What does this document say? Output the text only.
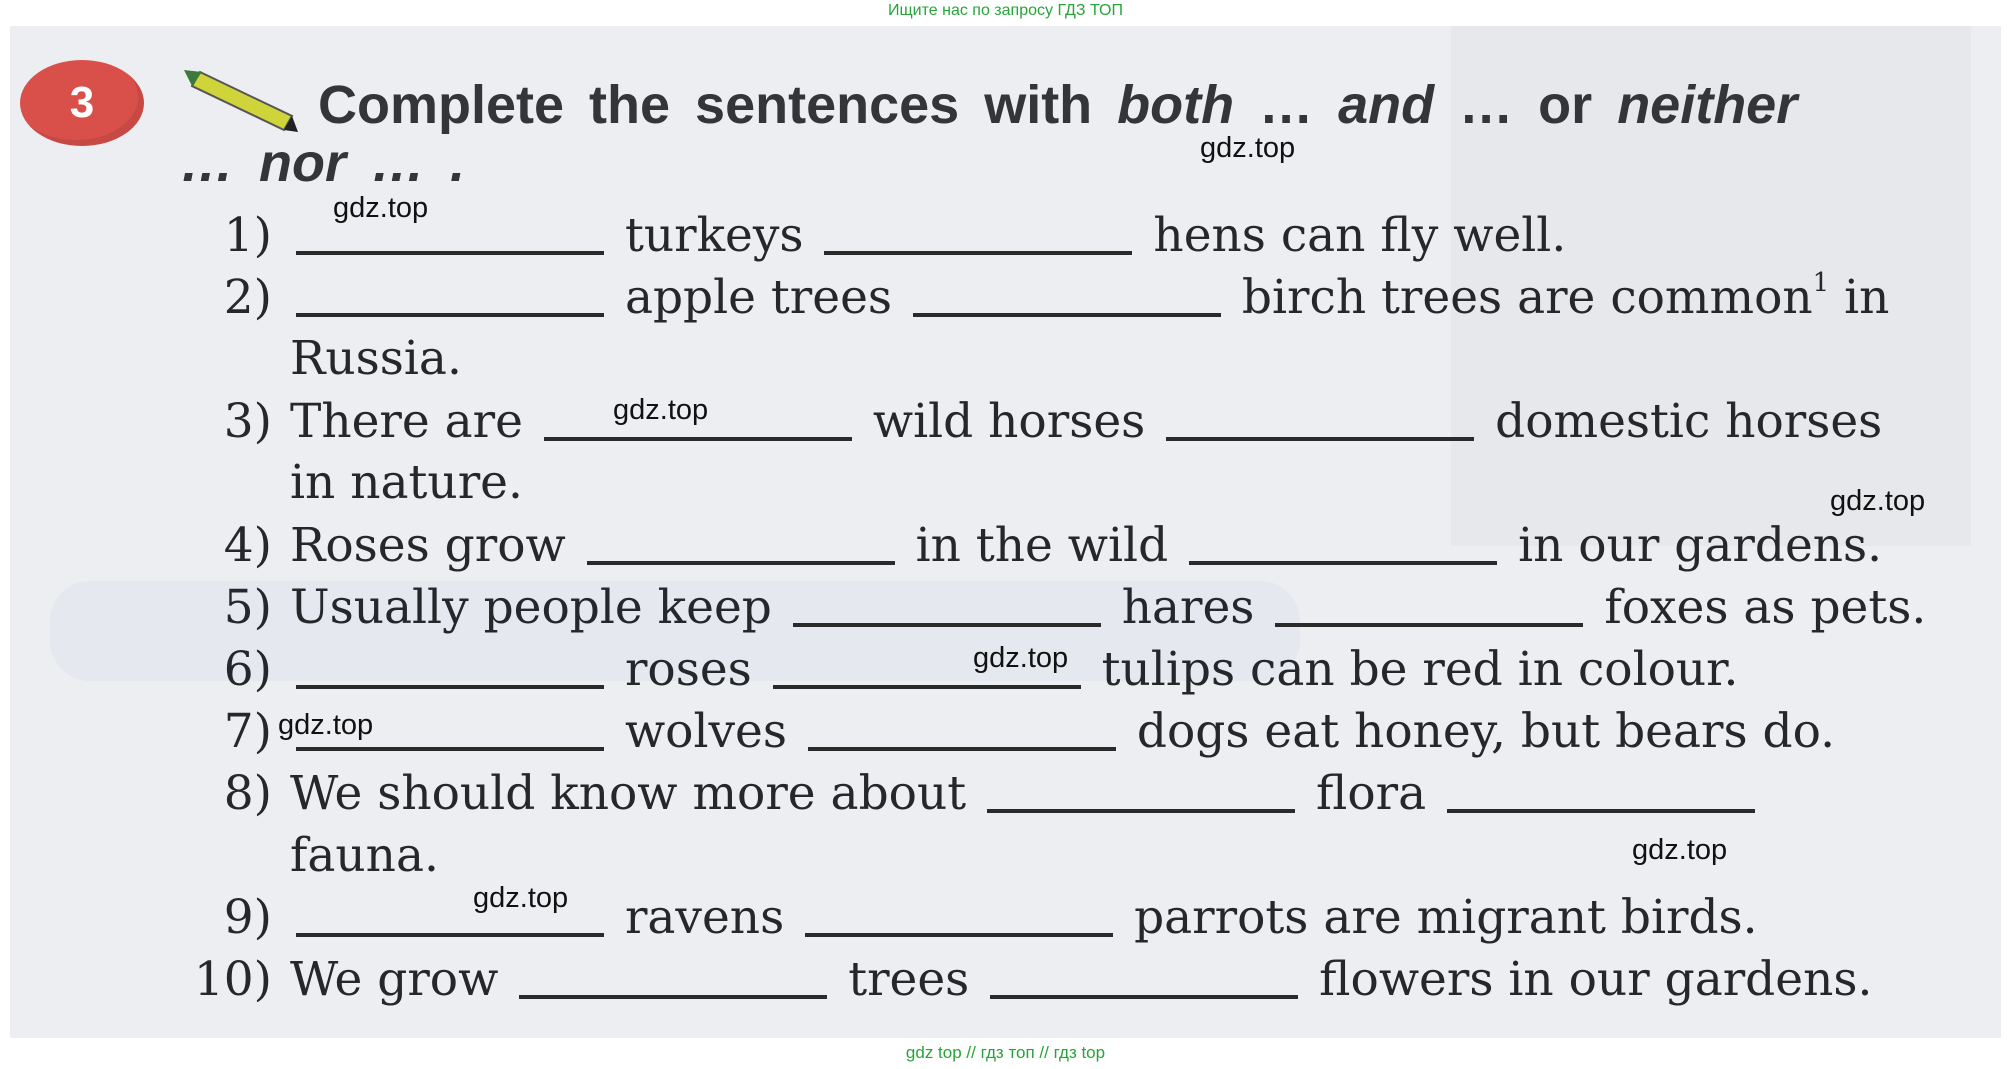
Ищите нас по запросу ГДЗ ТОП
3	Complete the sentences with both … and … or neither
… nor … .	gdz.top
gdz.top
gdz.top
gdz.top
gdz.top
gdz.top
gdz.top
gdz.top
1)	turkeys	hens can fly well.
2)	apple trees	birch trees are common$^1$ in
Russia.
3) There are	wild horses	domestic horses
in nature.
4) Roses grow	in the wild	in our gardens.
5) Usually people keep	hares	foxes as pets.
6)	roses	tulips can be red in colour.
7)	wolves	dogs eat honey, but bears do.
8) We should know more about	flora
fauna.
9)	ravens	parrots are migrant birds.
10) We grow	trees	flowers in our gardens.
gdz top // гдз топ // гдз top
